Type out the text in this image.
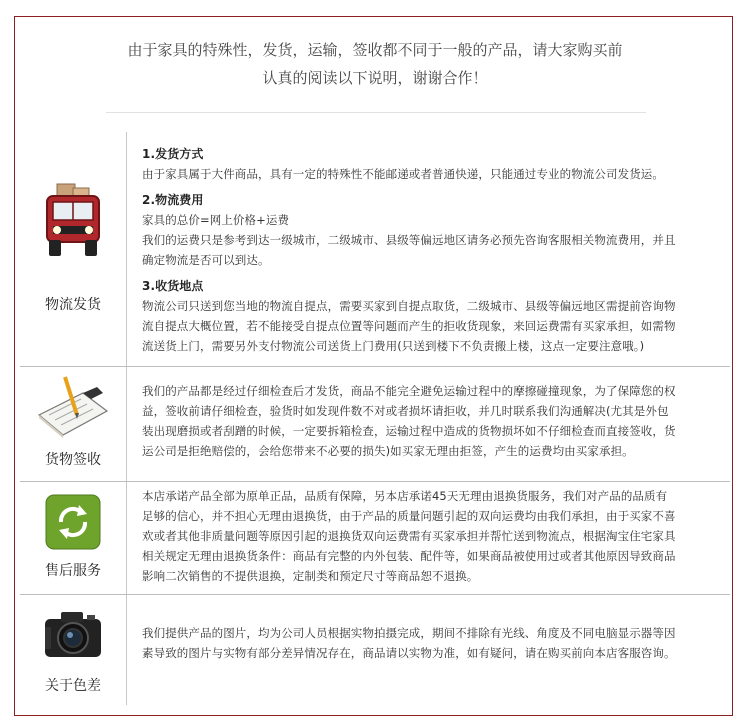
由于家具的特殊性，发货，运输，签收都不同于一般的产品，请大家购买前
认真的阅读以下说明，谢谢合作！
物流发货

1.发货方式

由于家具属于大件商品，具有一定的特殊性不能邮递或者普通快递，只能通过专业的物流公司发货运。

2.物流费用

家具的总价=网上价格+运费

我们的运费只是参考到达一级城市，二级城市、县级等偏远地区请务必预先咨询客服相关物流费用，并且

确定物流是否可以到达。

3.收货地点

物流公司只送到您当地的物流自提点，需要买家到自提点取货，二级城市、县级等偏远地区需提前咨询物

流自提点大概位置，若不能接受自提点位置等问题而产生的拒收货现象，来回运费需有买家承担，如需物

流送货上门，需要另外支付物流公司送货上门费用(只送到楼下不负责搬上楼，这点一定要注意哦。)

货物签收

我们的产品都是经过仔细检查后才发货，商品不能完全避免运输过程中的摩擦碰撞现象，为了保障您的权

益，签收前请仔细检查，验货时如发现件数不对或者损坏请拒收，并几时联系我们沟通解决(尤其是外包

装出现磨损或者刮蹭的时候，一定要拆箱检查，运输过程中造成的货物损坏如不仔细检查而直接签收，货

运公司是拒绝赔偿的，会给您带来不必要的损失)如买家无理由拒签，产生的运费均由买家承担。

售后服务

本店承诺产品全部为原单正品，品质有保障，另本店承诺45天无理由退换货服务，我们对产品的品质有

足够的信心，并不担心无理由退换货，由于产品的质量问题引起的双向运费均由我们承担，由于买家不喜

欢或者其他非质量问题等原因引起的退换货双向运费需有买家承担并帮忙送到物流点，根据淘宝住宅家具

相关规定无理由退换货条件：商品有完整的内外包装、配件等，如果商品被使用过或者其他原因导致商品

影响二次销售的不提供退换，定制类和预定尺寸等商品恕不退换。

关于色差

我们提供产品的图片，均为公司人员根据实物拍摄完成，期间不排除有光线、角度及不同电脑显示器等因

素导致的图片与实物有部分差异情况存在，商品请以实物为准，如有疑问，请在购买前向本店客服咨询。
